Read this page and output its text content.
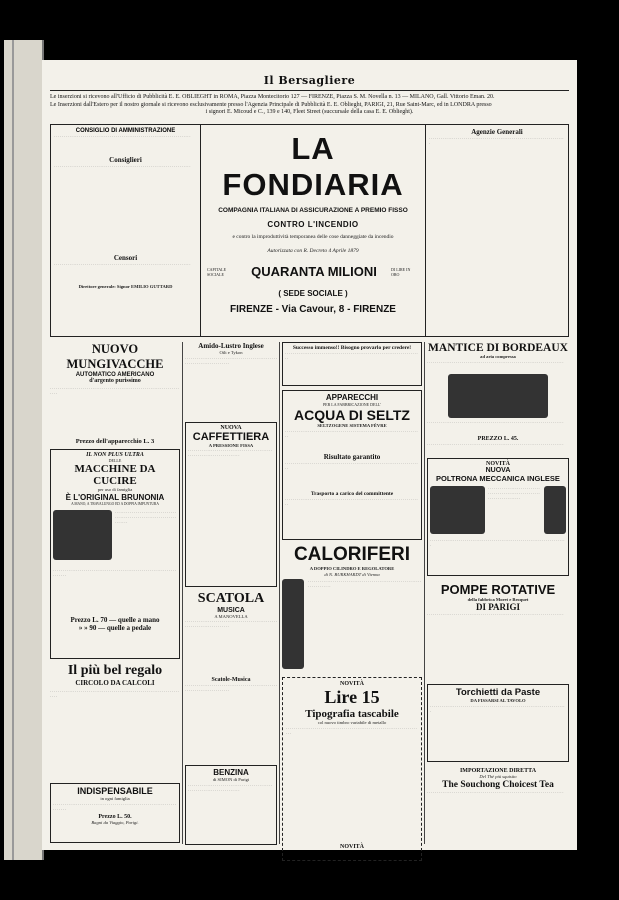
Il Bersagliere
Le inserzioni si ricevono all'Ufficio di Pubblicità E. E. OBLIEGHT in ROMA, Piazza Montecitorio 127 — FIRENZE, Piazza S. M. Novella n. 13 — MILANO, Gall. Vittorio Eman. 20.
Le Inserzioni dall'Estero per il nostro giornale si ricevono esclusivamente presso l'Agenzia Principale di Pubblicità E. E. Oblieght, PARIGI, 21, Rue Saint-Marc, ed in LONDRA presso
i signori E. Micoud e C., 139 e 140, Fleet Street (succursale della casa E. E. Oblieght).
CONSIGLIO DI AMMINISTRAZIONE
· · · · · · · · · · · · · · · · · · · · · · · · · · · · · · · · · · · · · · · · · · · · · · · · · · · · · · · · · · · · · · · · · · · · · · ·
Consiglieri
· · · · · · · · · · · · · · · · · · · · · · · · · · · · · · · · · · · · · · · · · · · · · · · · · · · · · · · · · · · · · · · · · · · · · · ·
Censori
· · · · · · · · · · · · · · · · · · · · · · · · · · · · · · · · · · · · · · · · · · · · · · · · · · · · · · · · · · · · · · · · · · · · · · ·
Direttore generale: Signor EMILIO GUTTARD
LA FONDIARIA
COMPAGNIA ITALIANA DI ASSICURAZIONE A PREMIO FISSO
CONTRO L'INCENDIO
e contro la improduttività temporanea delle cose danneggiate da incendio
Autorizzata con R. Decreto 4 Aprile 1879
CAPITALE SOCIALE	QUARANTA MILIONI	DI LIRE IN ORO
( SEDE SOCIALE )
FIRENZE - Via Cavour, 8 - FIRENZE
Agenzie Generali
· · · · · · · · · · · · · · · · · · · · · · · · · · · · · · · · · · · · · · · · · · · · · · · · · · · · · · · · · · · · · · · · · · · · · · ·
NUOVO MUNGIVACCHE
AUTOMATICO AMERICANO
d'argento purissimo
· · · · · · · · · · · · · · · · · · · · · · · · · · · · · · · · · · · · · · · · · · · · · · · · · · · · · · · · · · · · · · · · · · · · · · ·
Prezzo dell'apparecchio L. 3
IL NON PLUS ULTRA
DELLE
MACCHINE DA CUCIRE
per uso di famiglia
È L'ORIGINAL BRUNONIA
A MANO, A TRAVALUNGO ED A DOPPIA IMPUNTURA
· · · · · · · · · · · · · · · · · · · · · · · · · · · · · · · · · · · · · · · · · · · · · · · · · · · · · · · · · · · · · · · · · · · · · · ·
· · · · · · · · · · · · · · · · · · · · · · · · · · · · · · · · · · · · · · · · · · · · · · · · · · · · · · · · · · · · · · · · · · · · · · ·
Prezzo L. 70 — quelle a mano
» » 90 — quelle a pedale
Il più bel regalo
CIRCOLO DA CALCOLI
· · · · · · · · · · · · · · · · · · · · · · · · · · · · · · · · · · · · · · · · · · · · · · · · · · · · · · · · · · · · · · · · · · · · · · ·
INDISPENSABILE
in ogni famiglia
· · · · · · · · · · · · · · · · · · · · · · · · · · · · · · · · · · · · · · · · · · · · · · · · · · · · · · · · · · · · · · · · · · · · · · ·
Prezzo L. 50.
Bagni da Viaggio, Parigi.
Amido-Lustro Inglese
Oilt e Tykon
· · · · · · · · · · · · · · · · · · · · · · · · · · · · · · · · · · · · · · · · · · · · · · · · · · · · · · · · · · · · · · · · · · · · · · ·
NUOVA
CAFFETTIERA
A PRESSIONE FISSA
· · · · · · · · · · · · · · · · · · · · · · · · · · · · · · · · · · · · · · · · · · · · · · · · · · · · · · · · · · · · · · · · · · · · · · ·
SCATOLA
MUSICA
A MANOVELLA
· · · · · · · · · · · · · · · · · · · · · · · · · · · · · · · · · · · · · · · · · · · · · · · · · · · · · · · · · · · · · · · · · · · · · · ·
Scatole-Musica
· · · · · · · · · · · · · · · · · · · · · · · · · · · · · · · · · · · · · · · · · · · · · · · · · · · · · · · · · · · · · · · · · · · · · · ·
BENZINA
di SIMON di Parigi
· · · · · · · · · · · · · · · · · · · · · · · · · · · · · · · · · · · · · · · · · · · · · · · · · · · · · · · · · · · · · · · · · · · · · · ·
Successo immenso!! Bisogno provarlo per credere!
· · · · · · · · · · · · · · · · · · · · · · · · · · · · · · · · · · · · · · · · · · · · · · · · · · · · · · · · · · · · · · · · · · · · · · ·
APPARECCHI
PER LA FABBRICAZIONE DELL'
ACQUA DI SELTZ
SELTZOGENE SISTEMA FÈVRE
· · · · · · · · · · · · · · · · · · · · · · · · · · · · · · · · · · · · · · · · · · · · · · · · · · · · · · · · · · · · · · · · · · · · · · ·
Risultato garantito
· · · · · · · · · · · · · · · · · · · · · · · · · · · · · · · · · · · · · · · · · · · · · · · · · · · · · · · · · · · · · · · · · · · · · · ·
Trasporto a carico del committente
· · · · · · · · · · · · · · · · · · · · · · · · · · · · · · · · · · · · · · · · · · · · · · · · · · · · · · · · · · · · · · · · · · · · · · ·
CALORIFERI
A DOPPIO CILINDRO E REGOLATORE
di N. BURKHARDT di Vienna
· · · · · · · · · · · · · · · · · · · · · · · · · · · · · · · · · · · · · · · · · · · · · · · · · · · · · · · · · · · · · · · · · · · · · · ·
NOVITÀ
Lire 15
Tipografia tascabile
col nuovo timbro variabile di metallo
· · · · · · · · · · · · · · · · · · · · · · · · · · · · · · · · · · · · · · · · · · · · · · · · · · · · · · · · · · · · · · · · · · · · · · ·
NOVITÀ
MANTICE DI BORDEAUX
ad aria compressa
· · · · · · · · · · · · · · · · · · · · · · · · · · · · · · · · · · · · · · · · · · · · · · · · · · · · · · · · · · · · · · · · · · · · · · ·
· · · · · · · · · · · · · · · · · · · · · · · · · · · · · · · · · · · · · · · · · · · · · · · · · · · · · · · · · · · · · · · · · · · · · · ·
PREZZO L. 45.
· · · · · · · · · · · · · · · · · · · · · · · · · · · · · · · · · · · · · · · · · · · · · · · · · · · · · · · · · · · · · · · · · · · · · · ·
NOVITÀ
NUOVA
POLTRONA MECCANICA INGLESE
· · · · · · · · · · · · · · · · · · · · · · · · · · · · · · · · · · · · · · · · · · · · · · · · · · · · · · · · · · · · · · · · · · · · · · ·
· · · · · · · · · · · · · · · · · · · · · · · · · · · · · · · · · · · · · · · · · · · · · · · · · · · · · · · · · · · · · · · · · · · · · · ·
POMPE ROTATIVE
della fabbrica Moret e Broquet
DI PARIGI
· · · · · · · · · · · · · · · · · · · · · · · · · · · · · · · · · · · · · · · · · · · · · · · · · · · · · · · · · · · · · · · · · · · · · · ·
Torchietti da Paste
DA FISSARSI AL TAVOLO
· · · · · · · · · · · · · · · · · · · · · · · · · · · · · · · · · · · · · · · · · · · · · · · · · · · · · · · · · · · · · · · · · · · · · · ·
IMPORTAZIONE DIRETTA
Del Thè più squisito
The Souchong Choicest Tea
· · · · · · · · · · · · · · · · · · · · · · · · · · · · · · · · · · · · · · · · · · · · · · · · · · · · · · · · · · · · · · · · · · · · · · ·
